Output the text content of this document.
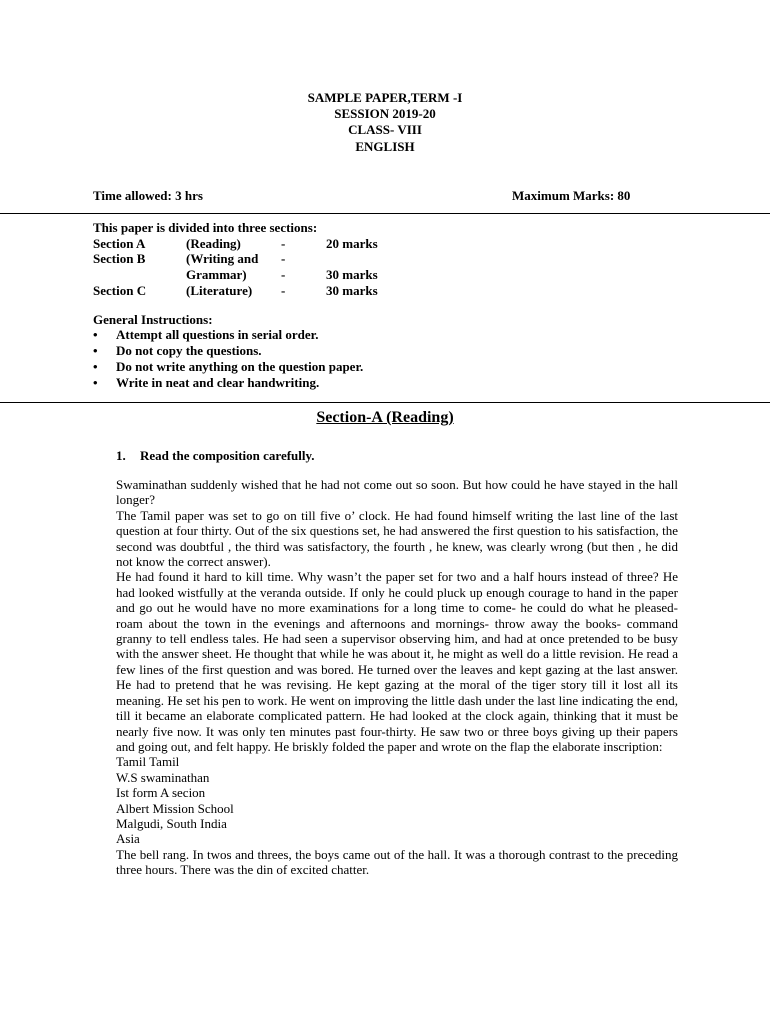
SAMPLE PAPER,TERM -I
SESSION 2019-20
CLASS- VIII
ENGLISH
Time allowed: 3 hrs	Maximum Marks: 80
This paper is divided into three sections:
Section A	(Reading)	-	20 marks
Section B	(Writing and -
Grammar)	-	30 marks
Section C	(Literature) -	30 marks
General Instructions:
• Attempt all questions in serial order.
• Do not copy the questions.
• Do not write anything on the question paper.
• Write in neat and clear handwriting.
Section-A (Reading)
1. Read the composition carefully.

Swaminathan suddenly wished that he had not come out so soon. But how could he have stayed in the hall longer?

The Tamil paper was set to go on till five o’ clock. He had found himself writing the last line of the last question at four thirty. Out of the six questions set, he had answered the first question to his satisfaction, the second was doubtful , the third was satisfactory, the fourth , he knew, was clearly wrong (but then , he did not know the correct answer).

He had found it hard to kill time. Why wasn’t the paper set for two and a half hours instead of three? He had looked wistfully at the veranda outside. If only he could pluck up enough courage to hand in the paper and go out he would have no more examinations for a long time to come- he could do what he pleased- roam about the town in the evenings and afternoons and mornings- throw away the books- command granny to tell endless tales. He had seen a supervisor observing him, and had at once pretended to be busy with the answer sheet. He thought that while he was about it, he might as well do a little revision. He read a few lines of the first question and was bored. He turned over the leaves and kept gazing at the last answer. He had to pretend that he was revising. He kept gazing at the moral of the tiger story till it lost all its meaning. He set his pen to work. He went on improving the little dash under the last line indicating the end, till it became an elaborate complicated pattern. He had looked at the clock again, thinking that it must be nearly five now. It was only ten minutes past four-thirty. He saw two or three boys giving up their papers and going out, and felt happy. He briskly folded the paper and wrote on the flap the elaborate inscription:

Tamil Tamil
W.S swaminathan
Ist form A secion
Albert Mission School
Malgudi, South India
Asia

The bell rang. In twos and threes, the boys came out of the hall. It was a thorough contrast to the preceding three hours. There was the din of excited chatter.
